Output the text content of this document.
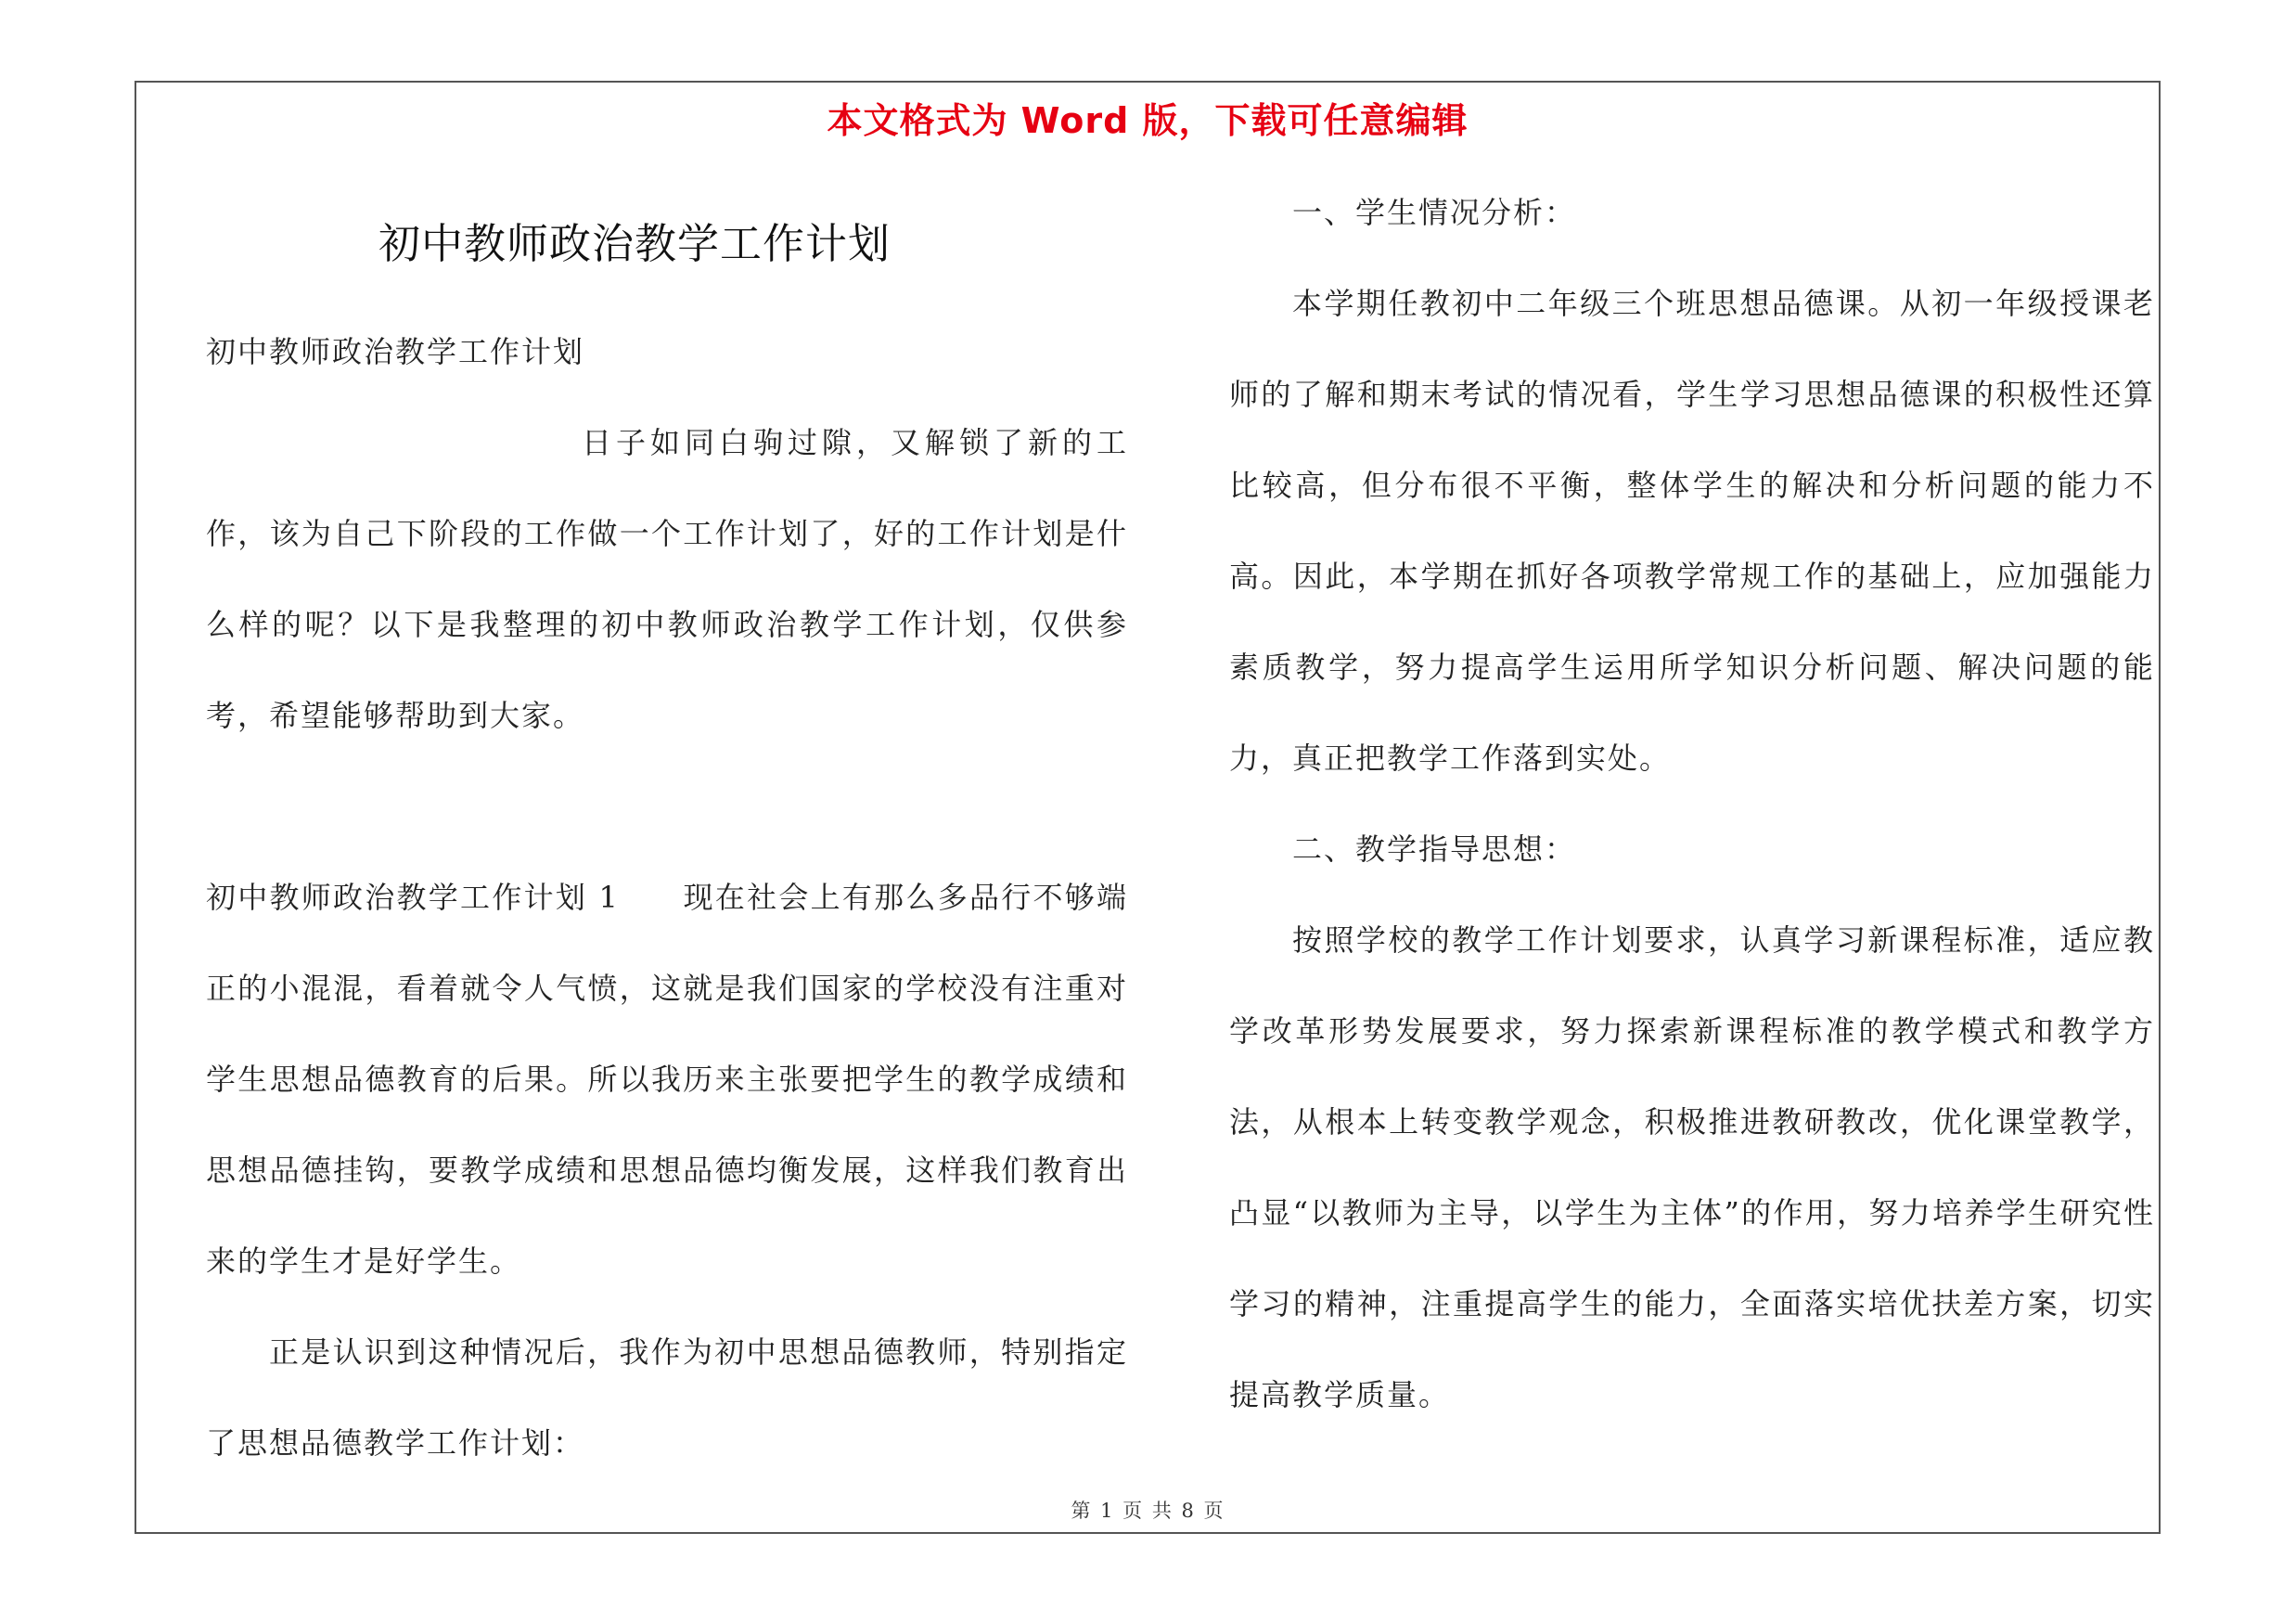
本文格式为 Word 版，下载可任意编辑
初中教师政治教学工作计划

初中教师政治教学工作计划

日子如同白驹过隙，又解锁了新的工作，该为自己下阶段的工作做一个工作计划了，好的工作计划是什么样的呢？以下是我整理的初中教师政治教学工作计划，仅供参考，希望能够帮助到大家。

初中教师政治教学工作计划 1　　现在社会上有那么多品行不够端正的小混混，看着就令人气愤，这就是我们国家的学校没有注重对学生思想品德教育的后果。所以我历来主张要把学生的教学成绩和思想品德挂钩，要教学成绩和思想品德均衡发展，这样我们教育出来的学生才是好学生。

正是认识到这种情况后，我作为初中思想品德教师，特别指定了思想品德教学工作计划：

一、学生情况分析：

本学期任教初中二年级三个班思想品德课。从初一年级授课老师的了解和期末考试的情况看，学生学习思想品德课的积极性还算比较高，但分布很不平衡，整体学生的解决和分析问题的能力不高。因此，本学期在抓好各项教学常规工作的基础上，应加强能力素质教学，努力提高学生运用所学知识分析问题、解决问题的能力，真正把教学工作落到实处。

二、教学指导思想：

按照学校的教学工作计划要求，认真学习新课程标准，适应教学改革形势发展要求，努力探索新课程标准的教学模式和教学方法，从根本上转变教学观念，积极推进教研教改，优化课堂教学，凸显“以教师为主导，以学生为主体”的作用，努力培养学生研究性学习的精神，注重提高学生的能力，全面落实培优扶差方案，切实提高教学质量。

第 1 页 共 8 页
